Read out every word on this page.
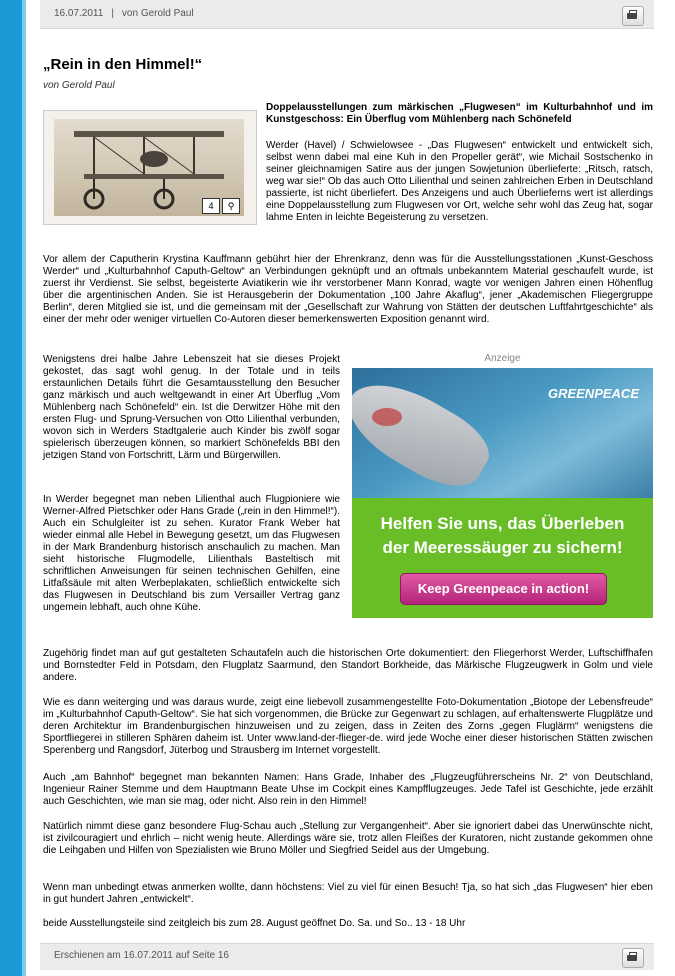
16.07.2011 | von Gerold Paul
„Rein in den Himmel!“
von Gerold Paul
4	⚲

Doppelausstellungen zum märkischen „Flugwesen“ im Kulturbahnhof und im Kunstgeschoss: Ein Überflug vom Mühlenberg nach Schönefeld

Werder (Havel) / Schwielowsee - „Das Flugwesen“ entwickelt und entwickelt sich, selbst wenn dabei mal eine Kuh in den Propeller gerät“, wie Michail Sostschenko in seiner gleichnamigen Satire aus der jungen Sowjetunion überlieferte: „Ritsch, ratsch, weg war sie!“ Ob das auch Otto Lilienthal und seinen zahlreichen Erben in Deutschland passierte, ist nicht überliefert. Des Anzeigens und auch Überlieferns wert ist allerdings eine Doppelausstellung zum Flugwesen vor Ort, welche sehr wohl das Zeug hat, sogar lahme Enten in leichte Begeisterung zu versetzen.

Vor allem der Caputherin Krystina Kauffmann gebührt hier der Ehrenkranz, denn was für die Ausstellungsstationen „Kunst-Geschoss Werder“ und „Kulturbahnhof Caputh-Geltow“ an Verbindungen geknüpft und an oftmals unbekanntem Material geschaufelt wurde, ist zuerst ihr Verdienst. Sie selbst, begeisterte Aviatikerin wie ihr verstorbener Mann Konrad, wagte vor wenigen Jahren einen Höhenflug über die argentinischen Anden. Sie ist Herausgeberin der Dokumentation „100 Jahre Akaflug“, jener „Akademischen Fliegergruppe Berlin“, deren Mitglied sie ist, und die gemeinsam mit der „Gesellschaft zur Wahrung von Stätten der deutschen Luftfahrtgeschichte“ als einer der mehr oder weniger virtuellen Co-Autoren dieser bemerkenswerten Exposition genannt wird.

Wenigstens drei halbe Jahre Lebenszeit hat sie dieses Projekt gekostet, das sagt wohl genug. In der Totale und in teils erstaunlichen Details führt die Gesamtausstellung den Besucher ganz märkisch und auch weltgewandt in einer Art Überflug „Vom Mühlenberg nach Schönefeld“ ein. Ist die Derwitzer Höhe mit den ersten Flug- und Sprung-Versuchen von Otto Lilienthal verbunden, wovon sich in Werders Stadtgalerie auch Kinder bis zwölf sogar spielerisch überzeugen können, so markiert Schönefelds BBI den jetzigen Stand von Fortschritt, Lärm und Bürgerwillen.

In Werder begegnet man neben Lilienthal auch Flugpioniere wie Werner-Alfred Pietschker oder Hans Grade („rein in den Himmel!“). Auch ein Schulgleiter ist zu sehen. Kurator Frank Weber hat wieder einmal alle Hebel in Bewegung gesetzt, um das Flugwesen in der Mark Brandenburg historisch anschaulich zu machen. Man sieht historische Flugmodelle, Lilienthals Basteltisch mit schriftlichen Anweisungen für seinen technischen Gehilfen, eine Litfaßsäule mit alten Werbeplakaten, schließlich entwickelte sich das Flugwesen in Deutschland bis zum Versailler Vertrag ganz ungemein lebhaft, auch ohne Kühe.

Anzeige
GREENPEACE
Helfen Sie uns, das Überleben
der Meeressäuger zu sichern!
Keep Greenpeace in action!

Zugehörig findet man auf gut gestalteten Schautafeln auch die historischen Orte dokumentiert: den Fliegerhorst Werder, Luftschiffhafen und Bornstedter Feld in Potsdam, den Flugplatz Saarmund, den Standort Borkheide, das Märkische Flugzeugwerk in Golm und viele andere.

Wie es dann weiterging und was daraus wurde, zeigt eine liebevoll zusammengestellte Foto-Dokumentation „Biotope der Lebensfreude“ im „Kulturbahnhof Caputh-Geltow“. Sie hat sich vorgenommen, die Brücke zur Gegenwart zu schlagen, auf erhaltenswerte Flugplätze und deren Architektur im Brandenburgischen hinzuweisen und zu zeigen, dass in Zeiten des Zorns „gegen Fluglärm“ wenigstens die Sportfliegerei in stilleren Sphären daheim ist. Unter www.land-der-flieger-de. wird jede Woche einer dieser historischen Stätten zwischen Sperenberg und Rangsdorf, Jüterbog und Strausberg im Internet vorgestellt.

Auch „am Bahnhof“ begegnet man bekannten Namen: Hans Grade, Inhaber des „Flugzeugführerscheins Nr. 2“ von Deutschland, Ingenieur Rainer Stemme und dem Hauptmann Beate Uhse im Cockpit eines Kampfflugzeuges. Jede Tafel ist Geschichte, jede erzählt auch Geschichten, wie man sie mag, oder nicht. Also rein in den Himmel!

Natürlich nimmt diese ganz besondere Flug-Schau auch „Stellung zur Vergangenheit“. Aber sie ignoriert dabei das Unerwünschte nicht, ist zivilcouragiert und ehrlich – nicht wenig heute. Allerdings wäre sie, trotz allen Fleißes der Kuratoren, nicht zustande gekommen ohne die Leihgaben und Hilfen von Spezialisten wie Bruno Möller und Siegfried Seidel aus der Umgebung.

Wenn man unbedingt etwas anmerken wollte, dann höchstens: Viel zu viel für einen Besuch! Tja, so hat sich „das Flugwesen“ hier eben in gut hundert Jahren „entwickelt“.

beide Ausstellungsteile sind zeitgleich bis zum 28. August geöffnet Do. Sa. und So.. 13 - 18 Uhr

Erschienen am 16.07.2011 auf Seite 16
